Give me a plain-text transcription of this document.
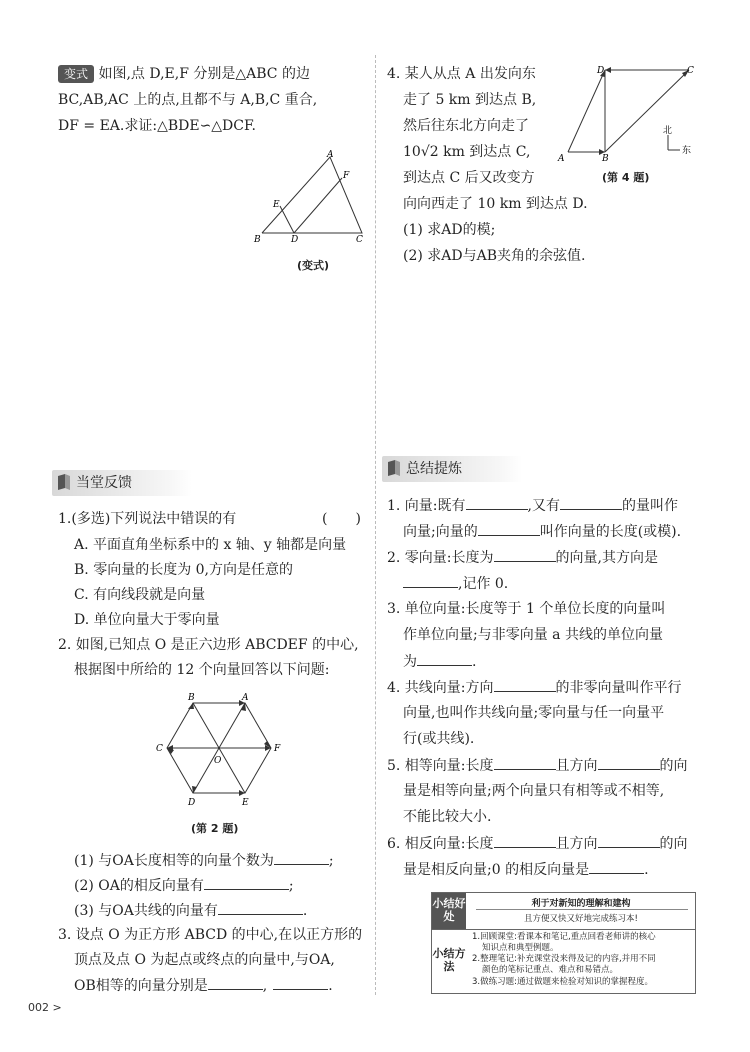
变式 如图,点 D,E,F 分别是△ABC 的边
BC,AB,AC 上的点,且都不与 A,B,C 重合,
DF = EA.求证:△BDE∽△DCF.
A
B	C
D
E
F
(变式)
4. 某人从点 A 出发向东
走了 5 km 到达点 B,
然后往东北方向走了
10√2 km 到达点 C,
到达点 C 后又改变方
向向西走了 10 km 到达点 D.
(1) 求AD的模;
(2) 求AD与AB夹角的余弦值.
A	B
C
D
北
东
(第 4 题)
当堂反馈
1.(多选)下列说法中错误的有	(　　)
A. 平面直角坐标系中的 x 轴、y 轴都是向量
B. 零向量的长度为 0,方向是任意的
C. 有向线段就是向量
D. 单位向量大于零向量
2. 如图,已知点 O 是正六边形 ABCDEF 的中心,
根据图中所给的 12 个向量回答以下问题:
A
B
C
D	E
F
O
(第 2 题)
(1) 与OA长度相等的向量个数为	;
(2) OA的相反向量有	;
(3) 与OA共线的向量有	.
3. 设点 O 为正方形 ABCD 的中心,在以正方形的
顶点及点 O 为起点或终点的向量中,与OA,
OB相等的向量分别是	,	.
总结提炼
1. 向量:既有	,又有	的量叫作
向量;向量的	叫作向量的长度(或模).
2. 零向量:长度为	的向量,其方向是
,记作 0.
3. 单位向量:长度等于 1 个单位长度的向量叫
作单位向量;与非零向量 a 共线的单位向量
为	.
4. 共线向量:方向	的非零向量叫作平行
向量,也叫作共线向量;零向量与任一向量平
行(或共线).
5. 相等向量:长度	且方向	的向
量是相等向量;两个向量只有相等或不相等,
不能比较大小.
6. 相反向量:长度	且方向	的向
量是相反向量;0 的相反向量是	.
小结好处
利于对新知的理解和建构
且方便又快又好地完成练习本!
小结方法
1.回顾课堂:看课本和笔记,重点回看老师讲的核心
知识点和典型例题。
2.整理笔记:补充课堂没来得及记的内容,并用不同
颜色的笔标记重点、难点和易错点。
3.做练习题:通过做题来检验对知识的掌握程度。
002 >
